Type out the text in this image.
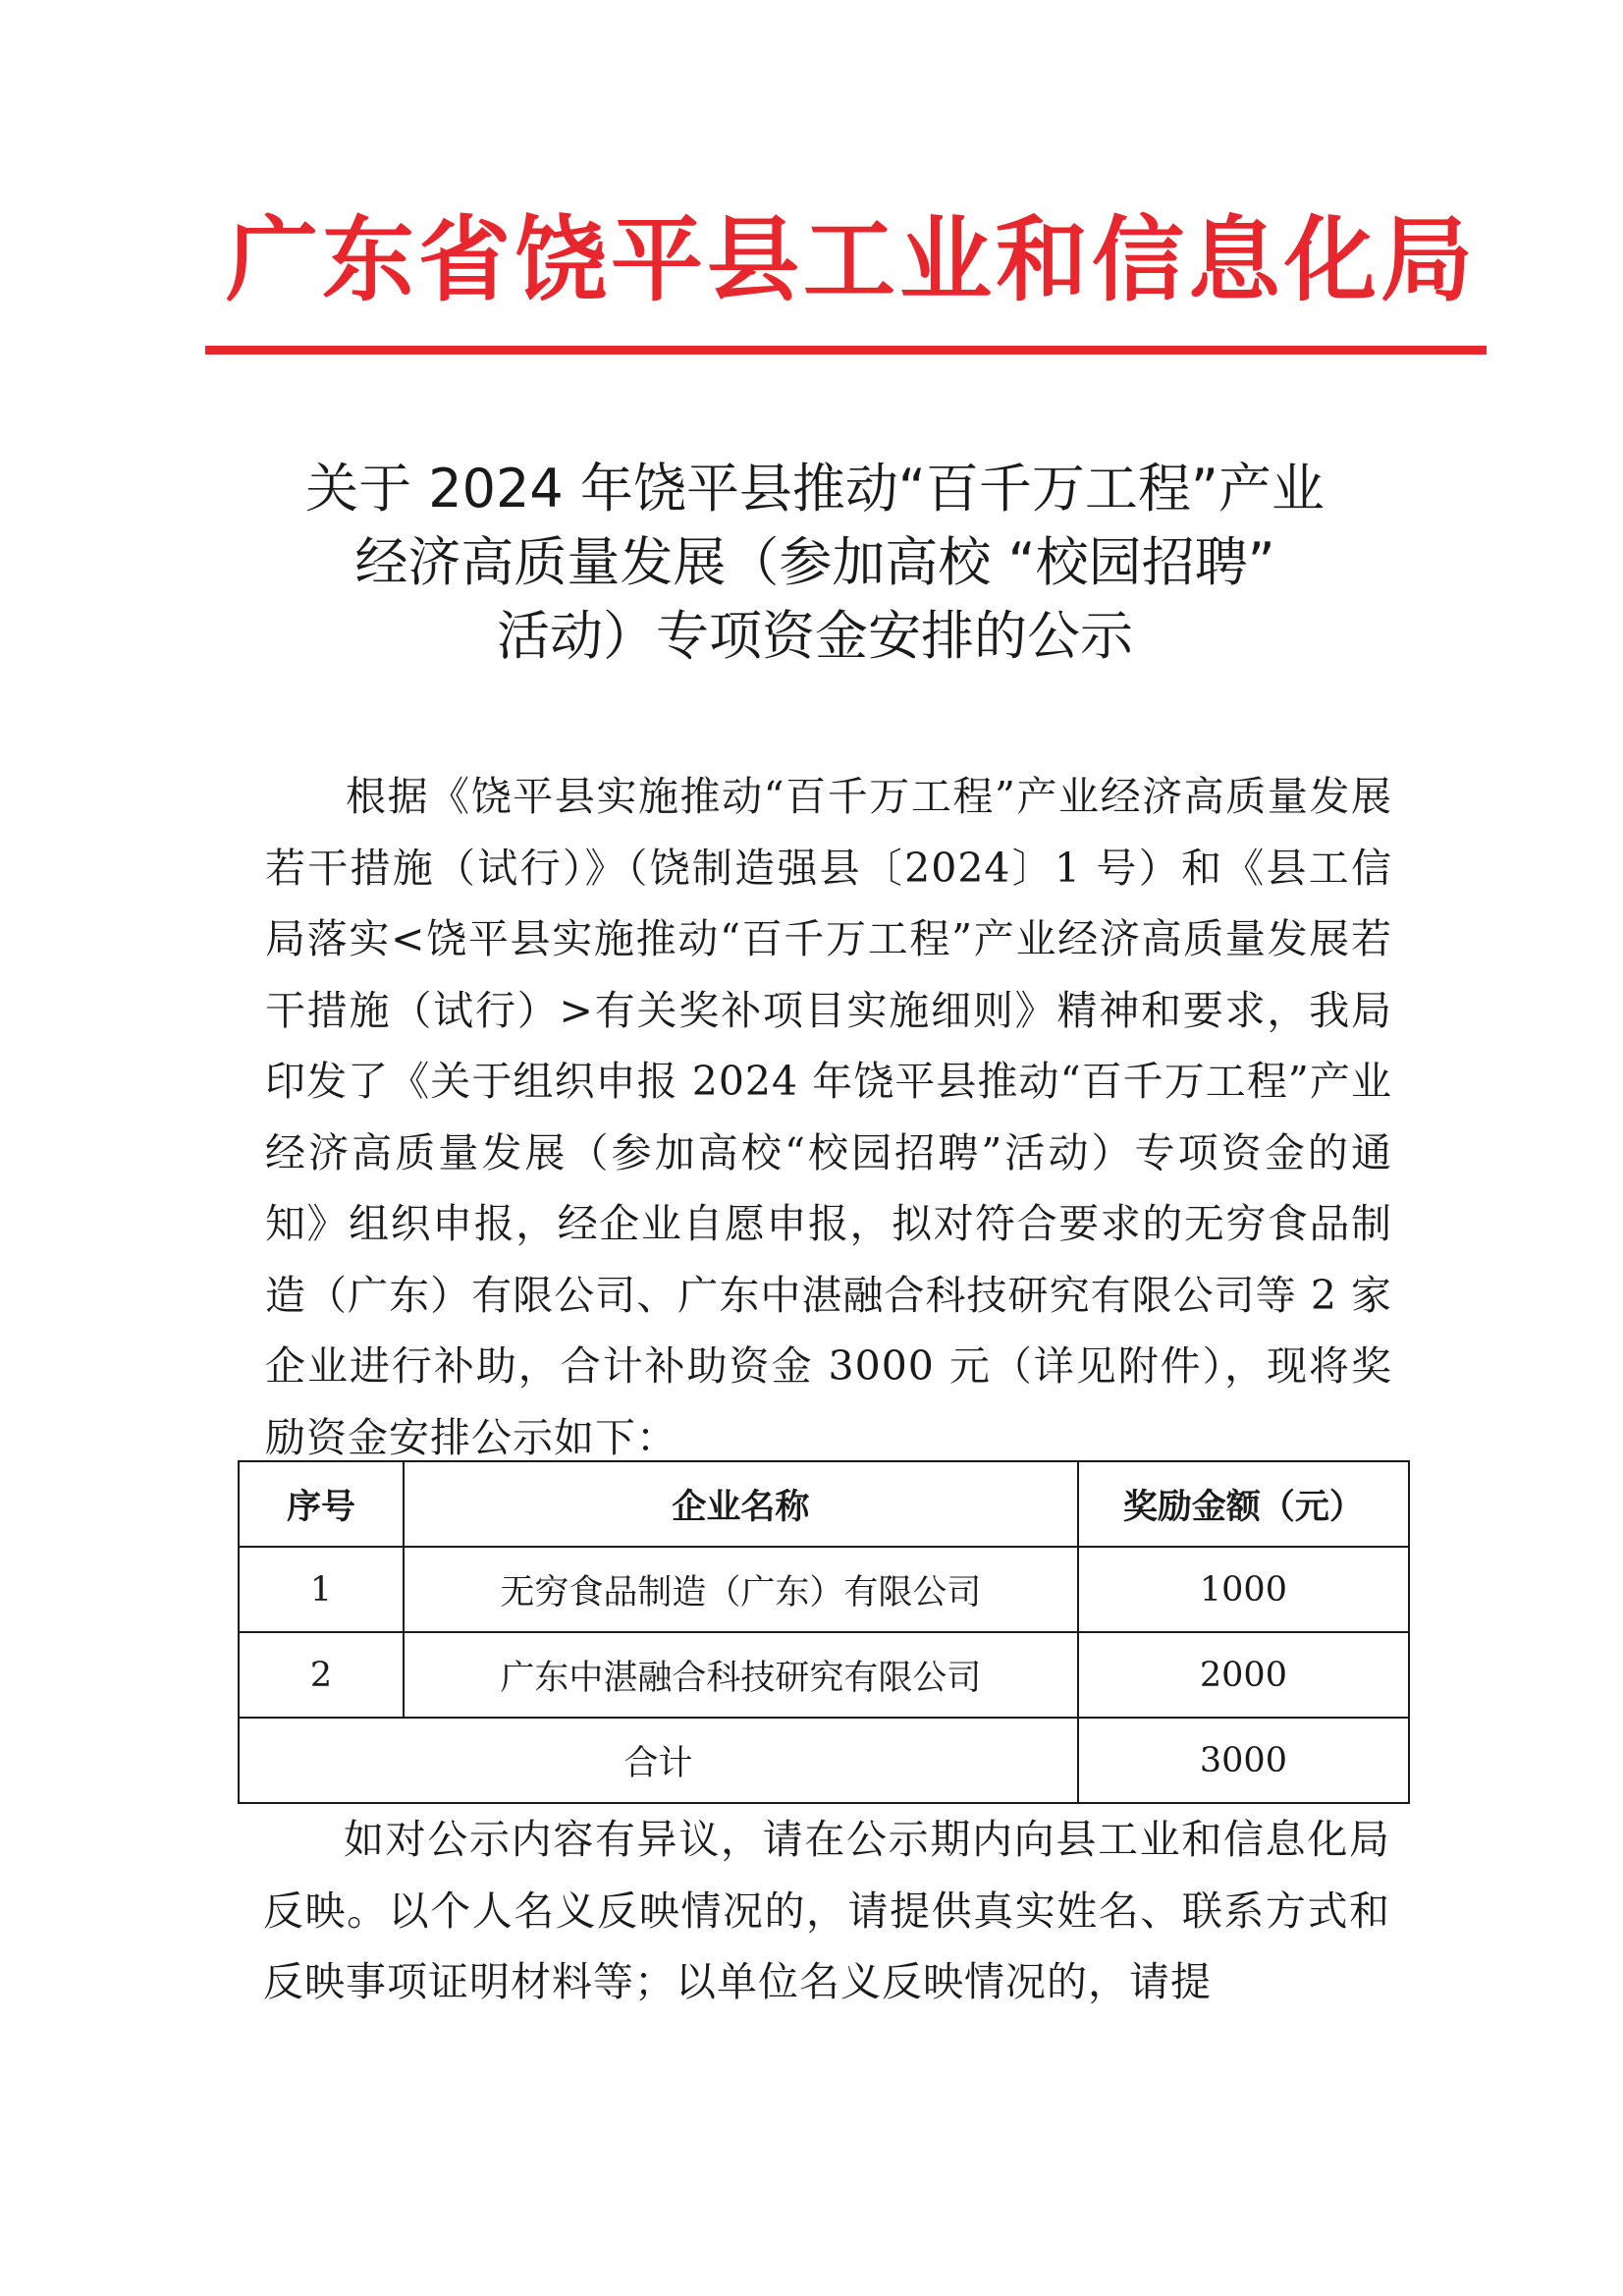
广东省饶平县工业和信息化局
关于 2024 年饶平县推动“百千万工程”产业
经济高质量发展（参加高校 “校园招聘”
活动）专项资金安排的公示
根据《饶平县实施推动“百千万工程”产业经济高质量发展若干措施（试行）》（饶制造强县〔2024〕1 号）和《县工信局落实<饶平县实施推动“百千万工程”产业经济高质量发展若干措施（试行）>有关奖补项目实施细则》精神和要求，我局印发了《关于组织申报 2024 年饶平县推动“百千万工程”产业经济高质量发展（参加高校“校园招聘”活动）专项资金的通知》组织申报，经企业自愿申报，拟对符合要求的无穷食品制造（广东）有限公司、广东中湛融合科技研究有限公司等 2 家企业进行补助，合计补助资金 3000 元（详见附件），现将奖励资金安排公示如下：
序号	企业名称	奖励金额（元）
1	无穷食品制造（广东）有限公司	1000
2	广东中湛融合科技研究有限公司	2000
合计		3000
如对公示内容有异议，请在公示期内向县工业和信息化局反映。以个人名义反映情况的，请提供真实姓名、联系方式和反映事项证明材料等；以单位名义反映情况的，请提
